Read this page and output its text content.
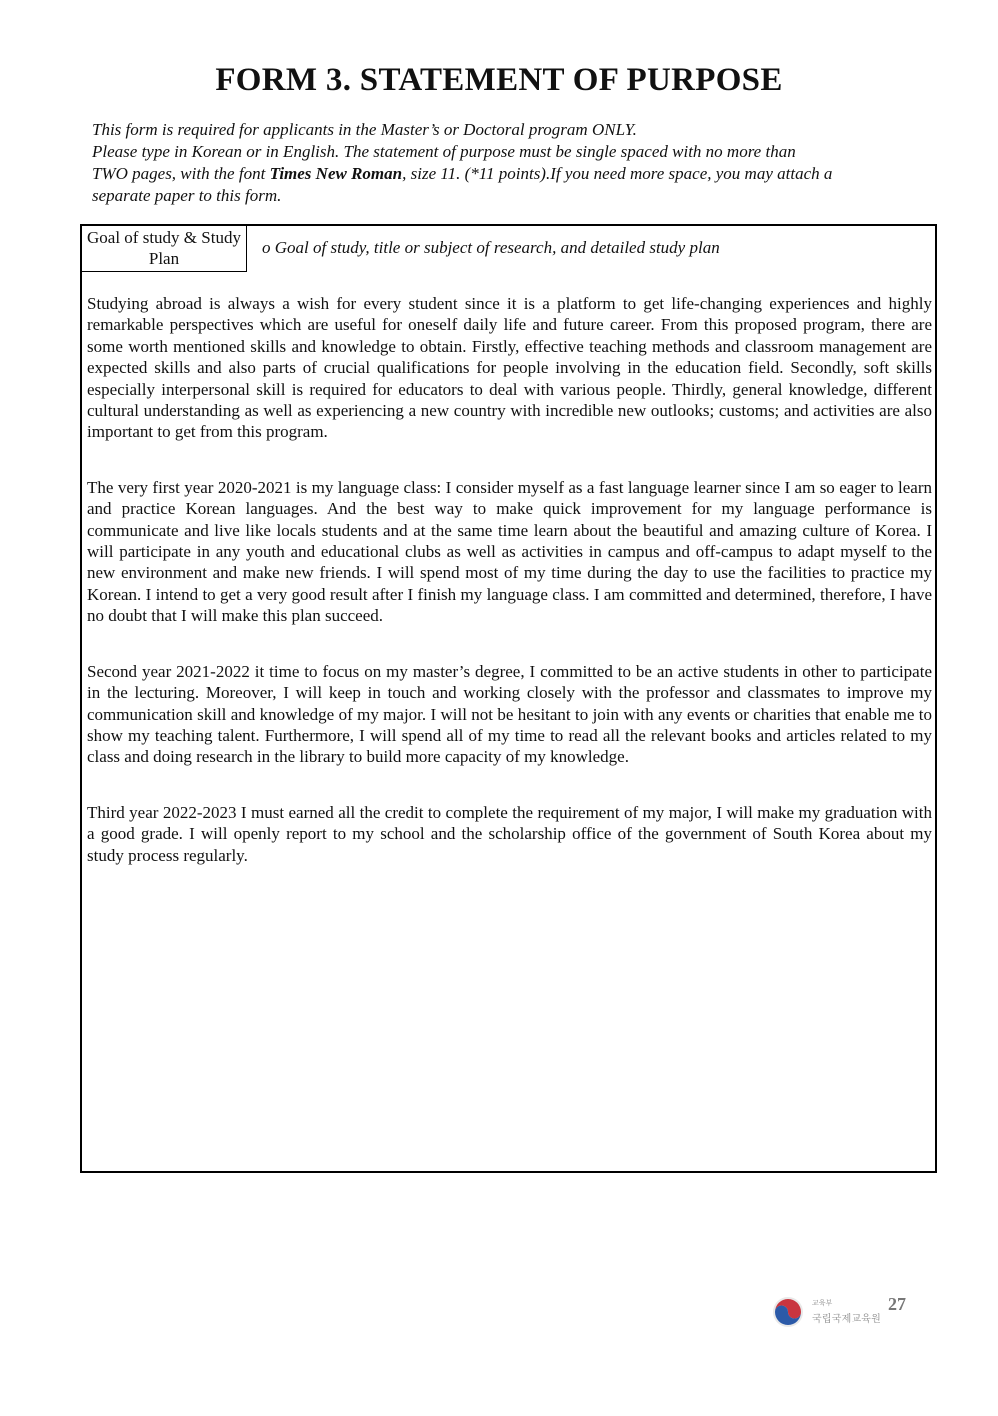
FORM 3. STATEMENT OF PURPOSE
This form is required for applicants in the Master’s or Doctoral program ONLY.
Please type in Korean or in English. The statement of purpose must be single spaced with no more than
TWO pages, with the font Times New Roman, size 11. (*11 points).If you need more space, you may attach a
separate paper to this form.
Goal of study & Study Plan
o Goal of study, title or subject of research, and detailed study plan

Studying abroad is always a wish for every student since it is a platform to get life-changing experiences and highly remarkable perspectives which are useful for oneself daily life and future career. From this proposed program, there are some worth mentioned skills and knowledge to obtain. Firstly, effective teaching methods and classroom management are expected skills and also parts of crucial qualifications for people involving in the education field. Secondly, soft skills especially interpersonal skill is required for educators to deal with various people. Thirdly, general knowledge, different cultural understanding as well as experiencing a new country with incredible new outlooks; customs; and activities are also important to get from this program.

The very first year 2020-2021 is my language class: I consider myself as a fast language learner since I am so eager to learn and practice Korean languages. And the best way to make quick improvement for my language performance is communicate and live like locals students and at the same time learn about the beautiful and amazing culture of Korea. I will participate in any youth and educational clubs as well as activities in campus and off-campus to adapt myself to the new environment and make new friends. I will spend most of my time during the day to use the facilities to practice my Korean. I intend to get a very good result after I finish my language class. I am committed and determined, therefore, I have no doubt that I will make this plan succeed.

Second year 2021-2022 it time to focus on my master’s degree, I committed to be an active students in other to participate in the lecturing. Moreover, I will keep in touch and working closely with the professor and classmates to improve my communication skill and knowledge of my major. I will not be hesitant to join with any events or charities that enable me to show my teaching talent. Furthermore, I will spend all of my time to read all the relevant books and articles related to my class and doing research in the library to build more capacity of my knowledge.

Third year 2022-2023 I must earned all the credit to complete the requirement of my major, I will make my graduation with a good grade. I will openly report to my school and the scholarship office of the government of South Korea about my study process regularly.

교육부
국립국제교육원
27
